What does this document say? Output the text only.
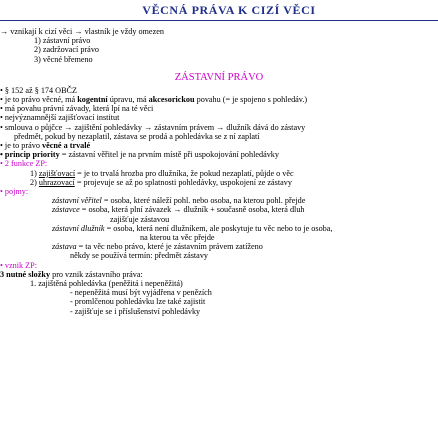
VĚCNÁ PRÁVA K CIZÍ VĚCI
→ vznikají k cizí věci → vlastník je vždy omezen
1) zástavní právo
2) zadržovací právo
3) věcné břemeno
ZÁSTAVNÍ PRÁVO
• § 152 až § 174 OBČZ
• je to právo věcné, má kogentní úpravu, má akcesorickou povahu (= je spojeno s pohledáv.)
• má povahu právní závady, která lpí na té věci
• nejvýznamnější zajišťovací institut
• smlouva o půjčce → zajištění pohledávky → zástavním právem → dlužník dává do zástavy
předmět, pokud by nezaplatil, zástava se prodá a pohledávka se z ní zaplatí
• je to právo věcné a trvalé
• princip priority = zástavní věřitel je na prvním místě při uspokojování pohledávky
• 2 funkce ZP:
1) zajišťovací = je to trvalá hrozba pro dlužníka, že pokud nezaplatí, půjde o věc
2) uhrazovací = projevuje se až po splatnosti pohledávky, uspokojení ze zástavy
• pojmy:
zástavní věřitel = osoba, které náleží pohl. nebo osoba, na kterou pohl. přejde
zástavce = osoba, která plní závazek → dlužník + současně osoba, která dluh
zajišťuje zástavou
zástavní dlužník = osoba, která není dlužníkem, ale poskytuje tu věc nebo to je osoba,
na kterou ta věc přejde
zástava = ta věc nebo právo, které je zástavním právem zatíženo
někdy se používá termín: předmět zástavy
• vznik ZP:
3 nutné složky pro vznik zástavního práva:
1. zajištěná pohledávka (peněžitá i nepeněžitá)
- nepeněžitá musí být vyjádřena v penězích
- promlčenou pohledávku lze také zajistit
- zajišťuje se i příslušenství pohledávky
